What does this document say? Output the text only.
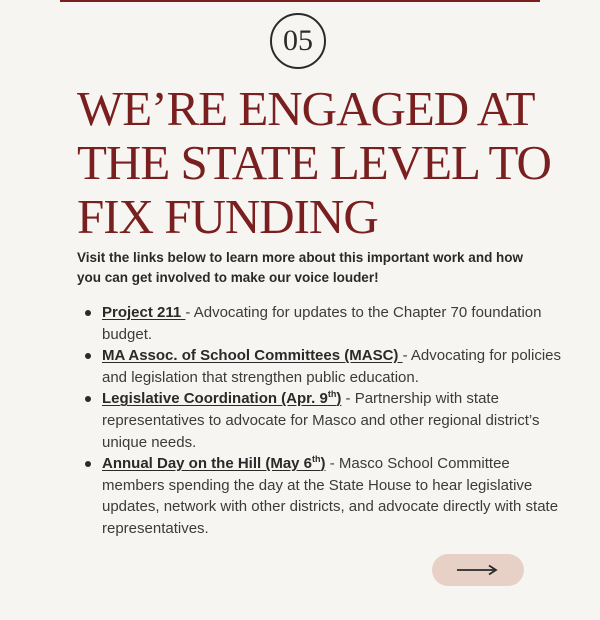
05
WE’RE ENGAGED AT
THE STATE LEVEL TO
FIX FUNDING

Visit the links below to learn more about this important work and how you can get involved to make our voice louder!

Project 211 - Advocating for updates to the Chapter 70 foundation budget.
MA Assoc. of School Committees (MASC) - Advocating for policies and legislation that strengthen public education.
Legislative Coordination (Apr. 9th) - Partnership with state representatives to advocate for Masco and other regional district’s unique needs.
Annual Day on the Hill (May 6th) - Masco School Committee members spending the day at the State House to hear legislative updates, network with other districts, and advocate directly with state representatives.
